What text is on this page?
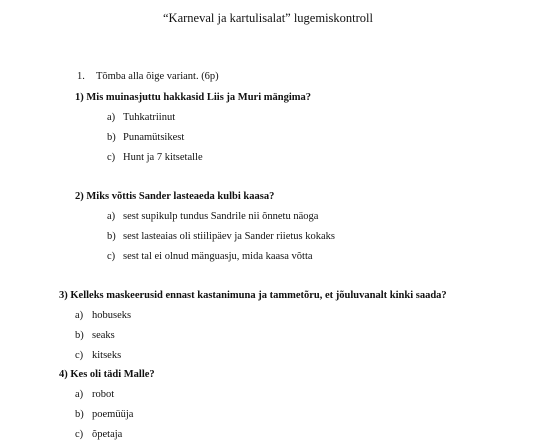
“Karneval ja kartulisalat” lugemiskontroll
1. Tõmba alla õige variant. (6p)
1) Mis muinasjuttu hakkasid Liis ja Muri mängima?
a) Tuhkatriinut
b) Punamütsikest
c) Hunt ja 7 kitsetalle
2) Miks võttis Sander lasteaeda kulbi kaasa?
a) sest supikulp tundus Sandrile nii õnnetu näoga
b) sest lasteaias oli stiilipäev ja Sander riietus kokaks
c) sest tal ei olnud mänguasju, mida kaasa võtta
3) Kelleks maskeerusid ennast kastanimuna ja tammetõru, et jõuluvanalt kinki saada?
a) hobuseks
b) seaks
c) kitseks
4) Kes oli tädi Malle?
a) robot
b) poemüüja
c) õpetaja
